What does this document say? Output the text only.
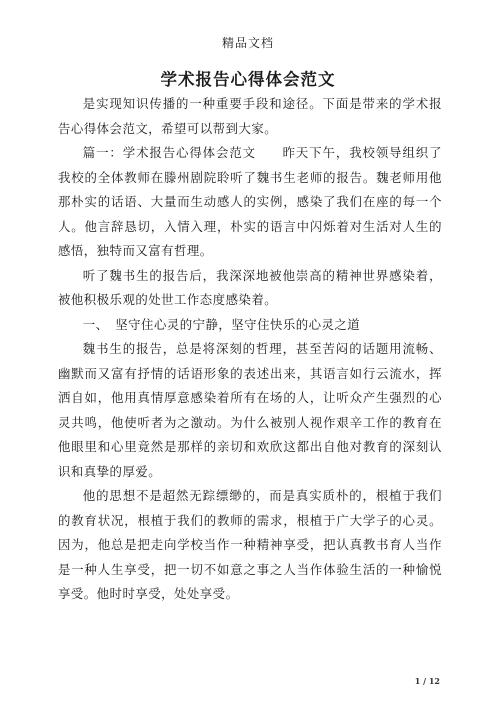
精品文档
学术报告心得体会范文

是实现知识传播的一种重要手段和途径。下面是带来的学术报告心得体会范文，希望可以帮到大家。

篇一：学术报告心得体会范文　　昨天下午，我校领导组织了我校的全体教师在滕州剧院聆听了魏书生老师的报告。魏老师用他那朴实的话语、大量而生动感人的实例，感染了我们在座的每一个人。他言辞恳切，入情入理，朴实的语言中闪烁着对生活对人生的感悟，独特而又富有哲理。

听了魏书生的报告后，我深深地被他崇高的精神世界感染着，被他积极乐观的处世工作态度感染着。

一、　坚守住心灵的宁静，坚守住快乐的心灵之道

魏书生的报告，总是将深刻的哲理，甚至苦闷的话题用流畅、幽默而又富有抒情的话语形象的表述出来，其语言如行云流水，挥洒自如，他用真情厚意感染着所有在场的人，让听众产生强烈的心灵共鸣，他使听者为之激动。为什么被别人视作艰辛工作的教育在他眼里和心里竟然是那样的亲切和欢欣这都出自他对教育的深刻认识和真挚的厚爱。

他的思想不是超然无踪缥缈的，而是真实质朴的，根植于我们的教育状况，根植于我们的教师的需求，根植于广大学子的心灵。因为，他总是把走向学校当作一种精神享受，把认真教书育人当作是一种人生享受，把一切不如意之事之人当作体验生活的一种愉悦享受。他时时享受，处处享受。

1 / 12
